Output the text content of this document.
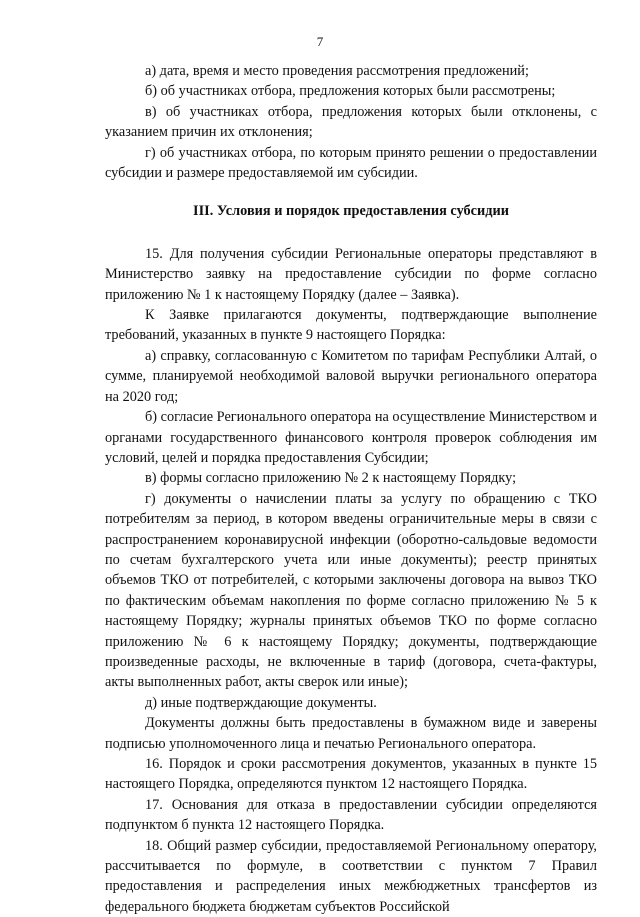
7

а) дата, время и место проведения рассмотрения предложений;

б) об участниках отбора, предложения которых были рассмотрены;

в) об участниках отбора, предложения которых были отклонены, с указанием причин их отклонения;

г) об участниках отбора, по которым принято решении о предоставлении субсидии и размере предоставляемой им субсидии.

III. Условия и порядок предоставления субсидии

15. Для получения субсидии Региональные операторы представляют в Министерство заявку на предоставление субсидии по форме согласно приложению № 1 к настоящему Порядку (далее – Заявка).

К Заявке прилагаются документы, подтверждающие выполнение требований, указанных в пункте 9 настоящего Порядка:

а) справку, согласованную с Комитетом по тарифам Республики Алтай, о сумме, планируемой необходимой валовой выручки регионального оператора на 2020 год;

б) согласие Регионального оператора на осуществление Министерством и органами государственного финансового контроля проверок соблюдения им условий, целей и порядка предоставления Субсидии;

в) формы согласно приложению № 2 к настоящему Порядку;

г) документы о начислении платы за услугу по обращению с ТКО потребителям за период, в котором введены ограничительные меры в связи с распространением коронавирусной инфекции (оборотно-сальдовые ведомости по счетам бухгалтерского учета или иные документы); реестр принятых объемов ТКО от потребителей, с которыми заключены договора на вывоз ТКО по фактическим объемам накопления по форме согласно приложению № 5 к настоящему Порядку; журналы принятых объемов ТКО по форме согласно приложению № 6 к настоящему Порядку; документы, подтверждающие произведенные расходы, не включенные в тариф (договора, счета-фактуры, акты выполненных работ, акты сверок или иные);

д) иные подтверждающие документы.

Документы должны быть предоставлены в бумажном виде и заверены подписью уполномоченного лица и печатью Регионального оператора.

16. Порядок и сроки рассмотрения документов, указанных в пункте 15 настоящего Порядка, определяются пунктом 12 настоящего Порядка.

17. Основания для отказа в предоставлении субсидии определяются подпунктом б пункта 12 настоящего Порядка.

18. Общий размер субсидии, предоставляемой Региональному оператору, рассчитывается по формуле, в соответствии с пунктом 7 Правил предоставления и распределения иных межбюджетных трансфертов из федерального бюджета бюджетам субъектов Российской
